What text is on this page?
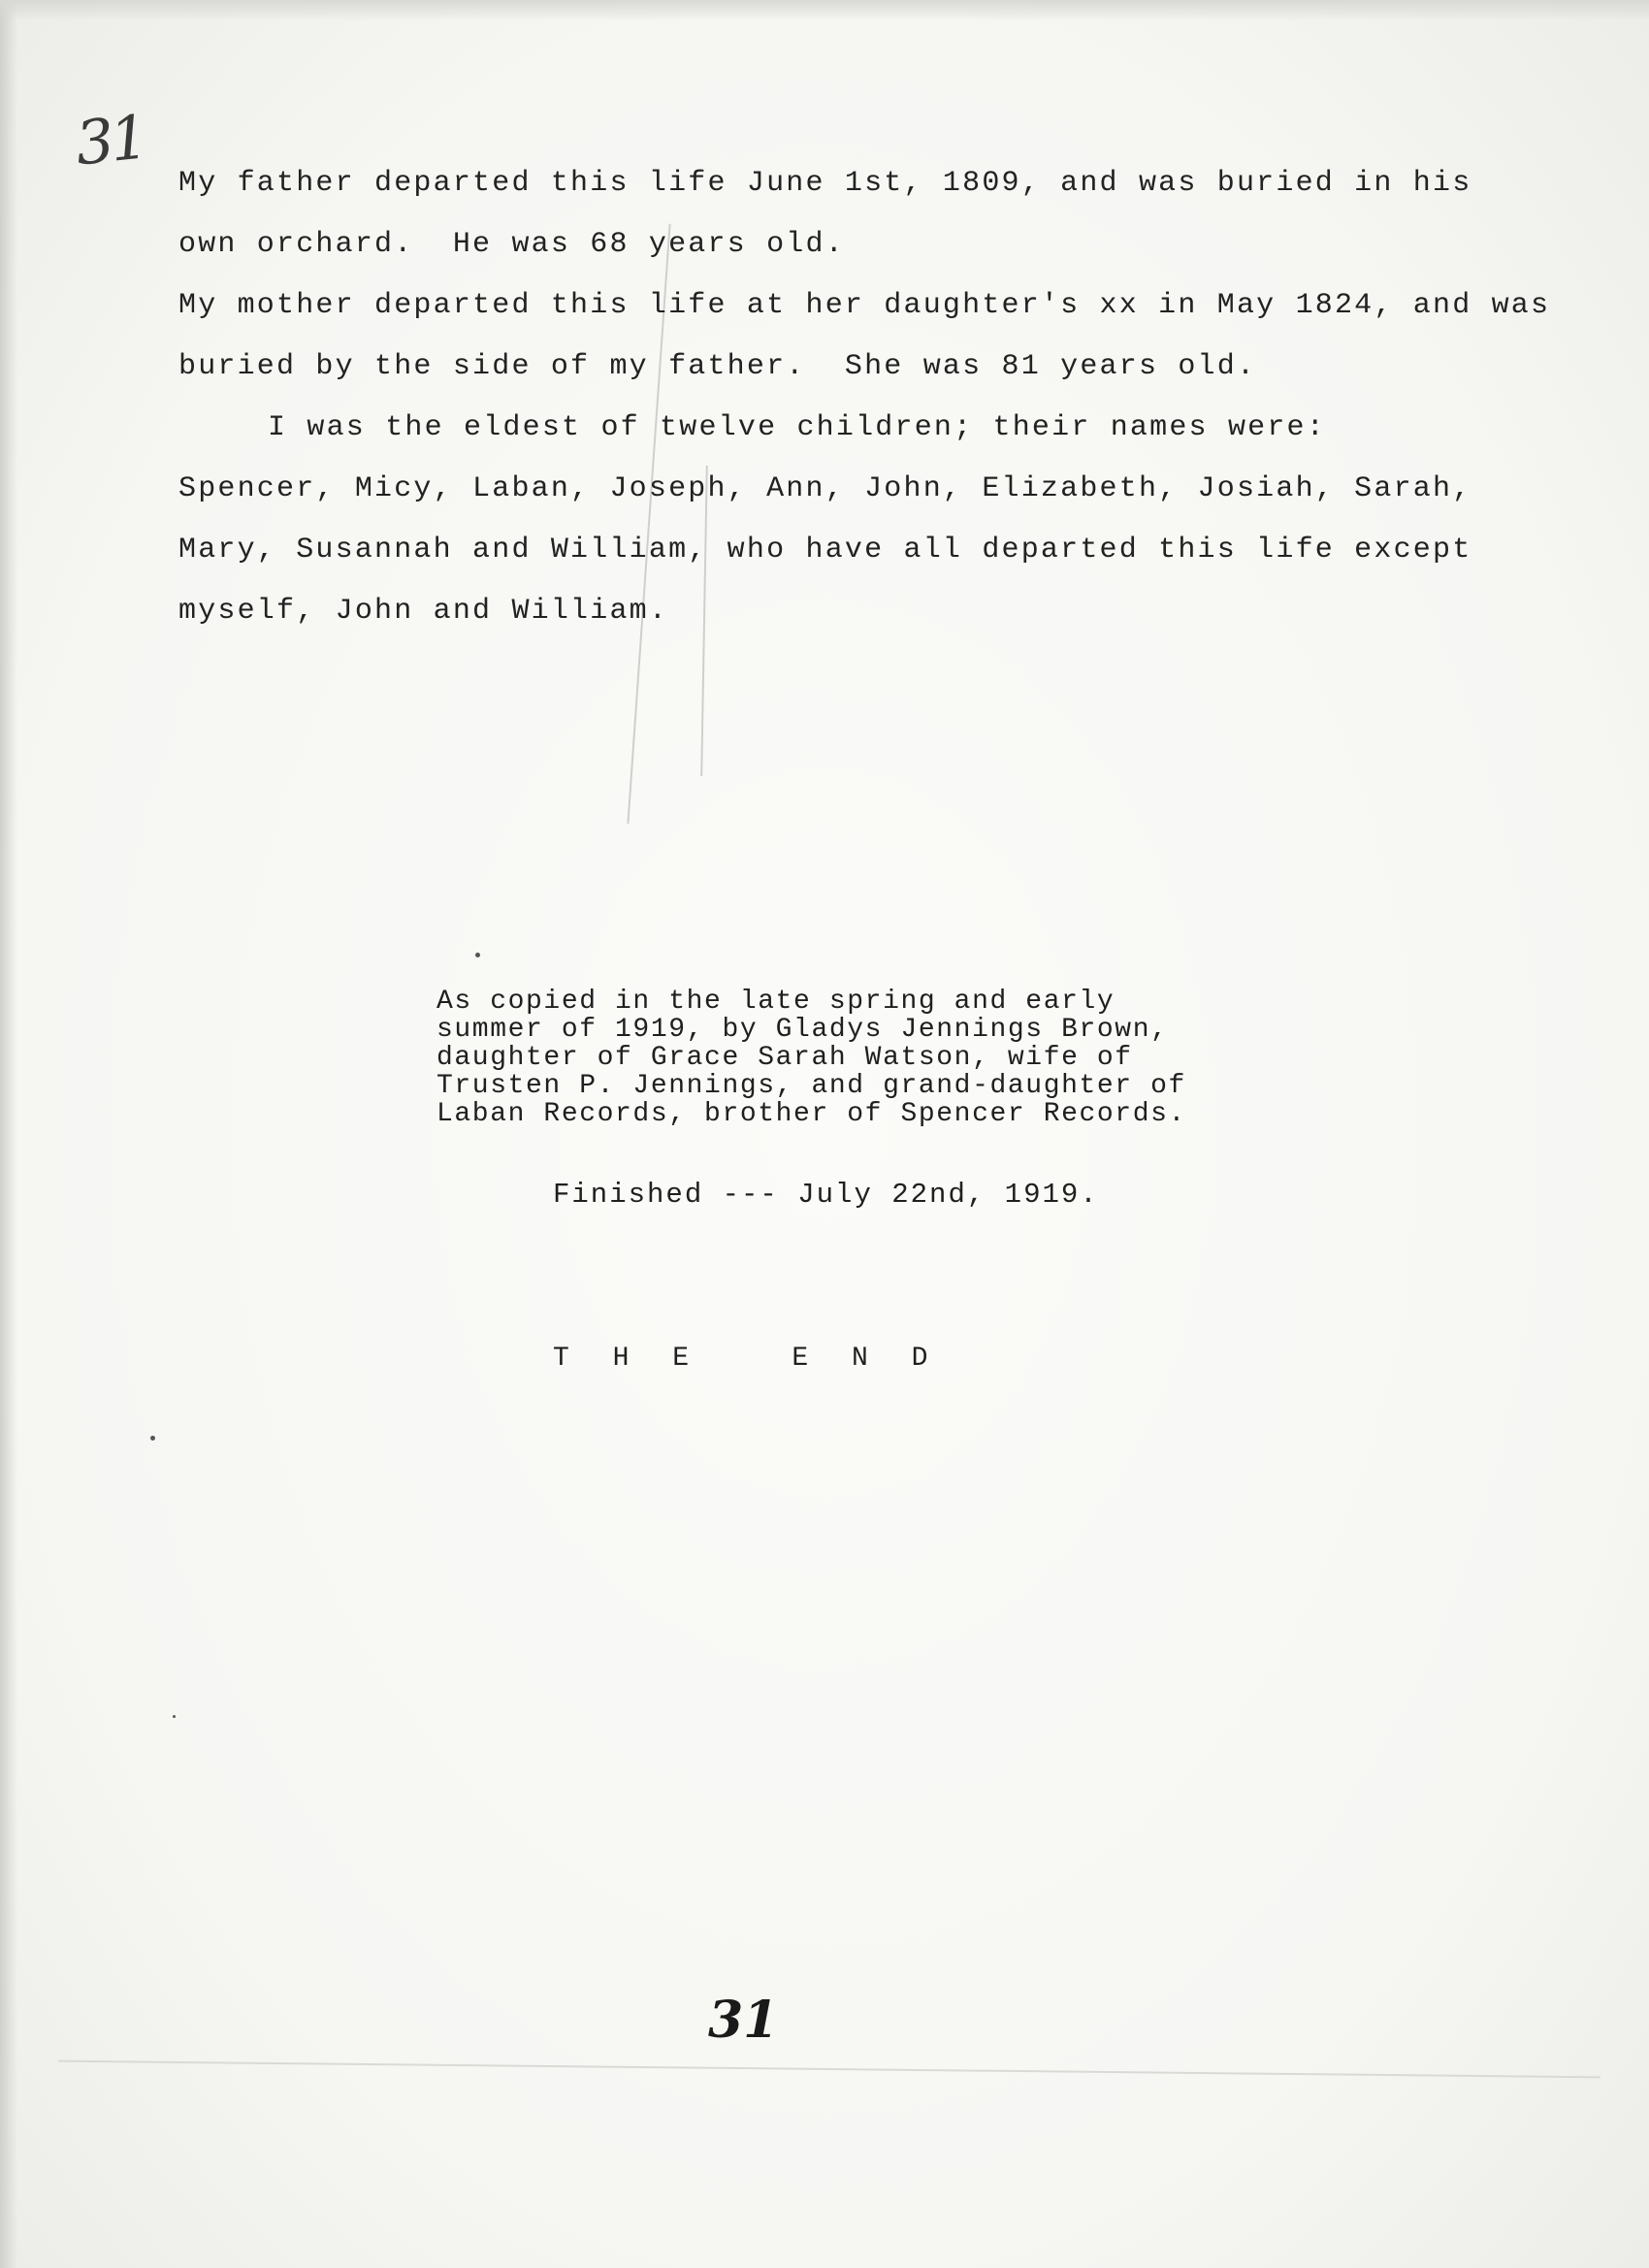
31

My father departed this life June 1st, 1809, and was buried in his

own orchard.  He was 68 years old.

My mother departed this life at her daughter's xx in May 1824, and was

buried by the side of my father.  She was 81 years old.

I was the eldest of twelve children; their names were:

Spencer, Micy, Laban, Joseph, Ann, John, Elizabeth, Josiah, Sarah,

Mary, Susannah and William, who have all departed this life except

myself, John and William.

As copied in the late spring and early

summer of 1919, by Gladys Jennings Brown,

daughter of Grace Sarah Watson, wife of

Trusten P. Jennings, and grand-daughter of

Laban Records, brother of Spencer Records.

Finished --- July 22nd, 1919.
T H E   E N D
31
